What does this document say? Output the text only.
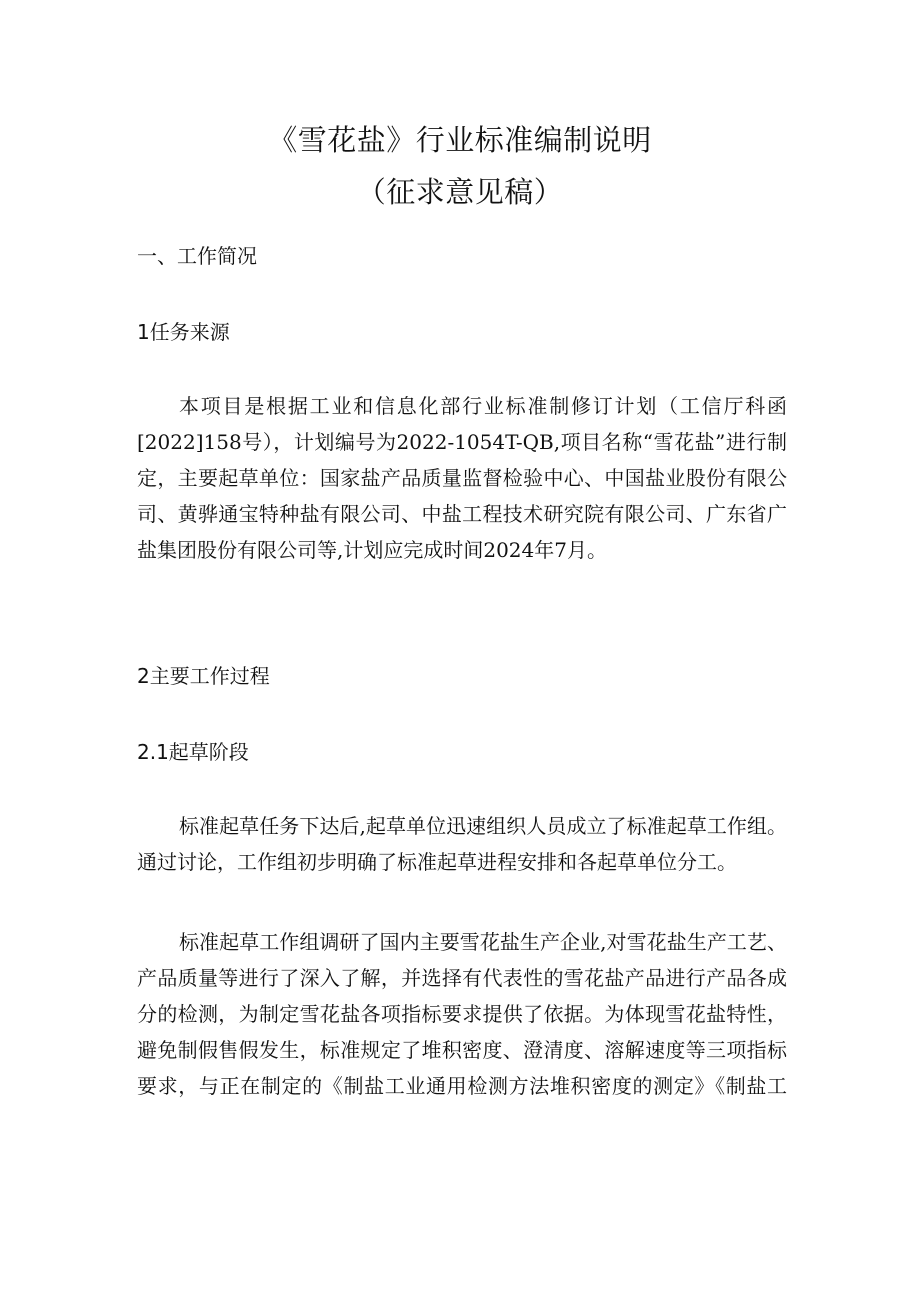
《雪花盐》行业标准编制说明
（征求意见稿）
一、工作简况
1任务来源
本项目是根据工业和信息化部行业标准制修订计划（工信厅科函
[2022]158号），计划编号为2022-1054T-QB,项目名称“雪花盐”进行制
定，主要起草单位：国家盐产品质量监督检验中心、中国盐业股份有限公
司、黄骅通宝特种盐有限公司、中盐工程技术研究院有限公司、广东省广
盐集团股份有限公司等,计划应完成时间2024年7月。
2主要工作过程
2.1起草阶段
标准起草任务下达后,起草单位迅速组织人员成立了标准起草工作组。
通过讨论，工作组初步明确了标准起草进程安排和各起草单位分工。
标准起草工作组调研了国内主要雪花盐生产企业,对雪花盐生产工艺、
产品质量等进行了深入了解，并选择有代表性的雪花盐产品进行产品各成
分的检测，为制定雪花盐各项指标要求提供了依据。为体现雪花盐特性，
避免制假售假发生，标准规定了堆积密度、澄清度、溶解速度等三项指标
要求，与正在制定的《制盐工业通用检测方法堆积密度的测定》《制盐工
